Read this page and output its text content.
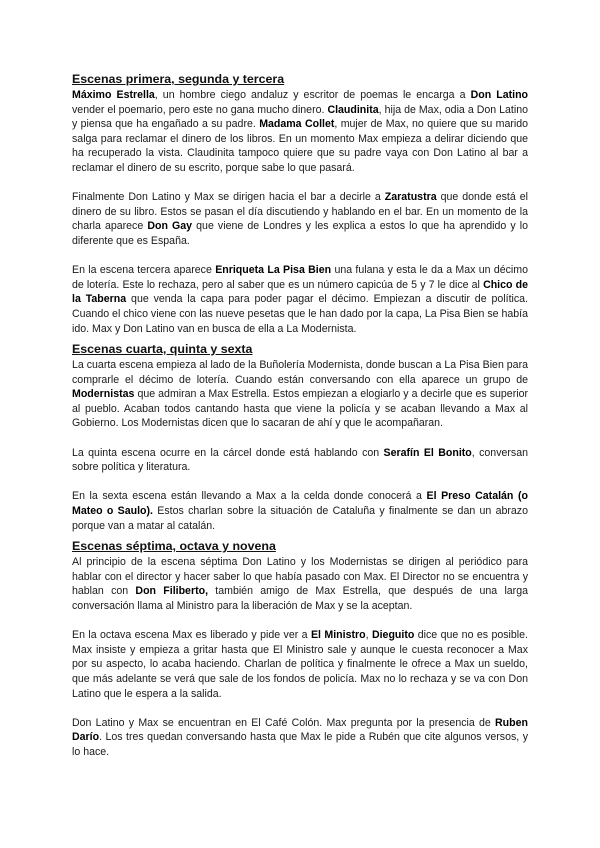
Escenas primera, segunda y tercera

Máximo Estrella, un hombre ciego andaluz y escritor de poemas le encarga a Don Latino vender el poemario, pero este no gana mucho dinero. Claudinita, hija de Max, odia a Don Latino y piensa que ha engañado a su padre. Madama Collet, mujer de Max, no quiere que su marido salga para reclamar el dinero de los libros. En un momento Max empieza a delirar diciendo que ha recuperado la vista. Claudinita tampoco quiere que su padre vaya con Don Latino al bar a reclamar el dinero de su escrito, porque sabe lo que pasará.

Finalmente Don Latino y Max se dirigen hacia el bar a decirle a Zaratustra que donde está el dinero de su libro. Estos se pasan el día discutiendo y hablando en el bar. En un momento de la charla aparece Don Gay que viene de Londres y les explica a estos lo que ha aprendido y lo diferente que es España.

En la escena tercera aparece Enriqueta La Pisa Bien una fulana y esta le da a Max un décimo de lotería. Este lo rechaza, pero al saber que es un número capicúa de 5 y 7 le dice al Chico de la Taberna que venda la capa para poder pagar el décimo. Empiezan a discutir de política. Cuando el chico viene con las nueve pesetas que le han dado por la capa, La Pisa Bien se había ido. Max y Don Latino van en busca de ella a La Modernista.

Escenas cuarta, quinta y sexta

La cuarta escena empieza al lado de la Buñolería Modernista, donde buscan a La Pisa Bien para comprarle el décimo de lotería. Cuando están conversando con ella aparece un grupo de Modernistas que admiran a Max Estrella. Estos empiezan a elogiarlo y a decirle que es superior al pueblo. Acaban todos cantando hasta que viene la policía y se acaban llevando a Max al Gobierno. Los Modernistas dicen que lo sacaran de ahí y que le acompañaran.

La quinta escena ocurre en la cárcel donde está hablando con Serafín El Bonito, conversan sobre política y literatura.

En la sexta escena están llevando a Max a la celda donde conocerá a El Preso Catalán (o Mateo o Saulo). Estos charlan sobre la situación de Cataluña y finalmente se dan un abrazo porque van a matar al catalán.

Escenas séptima, octava y novena

Al principio de la escena séptima Don Latino y los Modernistas se dirigen al periódico para hablar con el director y hacer saber lo que había pasado con Max. El Director no se encuentra y hablan con Don Filiberto, también amigo de Max Estrella, que después de una larga conversación llama al Ministro para la liberación de Max y se la aceptan.

En la octava escena Max es liberado y pide ver a El Ministro, Dieguito dice que no es posible. Max insiste y empieza a gritar hasta que El Ministro sale y aunque le cuesta reconocer a Max por su aspecto, lo acaba haciendo. Charlan de política y finalmente le ofrece a Max un sueldo, que más adelante se verá que sale de los fondos de policía. Max no lo rechaza y se va con Don Latino que le espera a la salida.

Don Latino y Max se encuentran en El Café Colón. Max pregunta por la presencia de Ruben Darío. Los tres quedan conversando hasta que Max le pide a Rubén que cite algunos versos, y lo hace.
